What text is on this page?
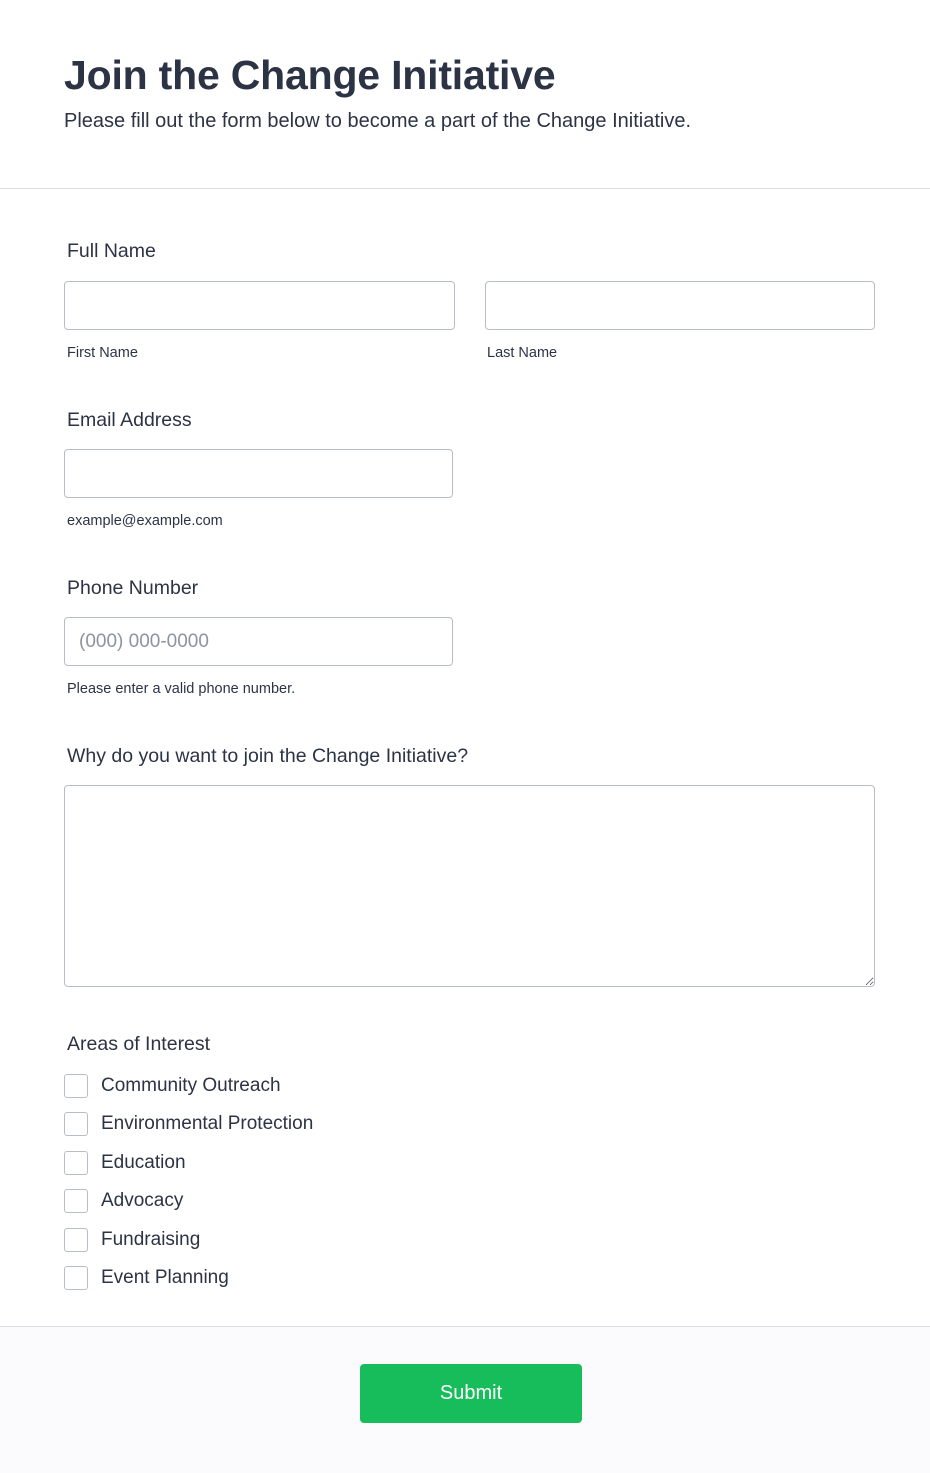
Join the Change Initiative

Please fill out the form below to become a part of the Change Initiative.

Full Name
First Name	Last Name
Email Address
example@example.com
Phone Number
(000) 000-0000
Please enter a valid phone number.
Why do you want to join the Change Initiative?
Areas of Interest
Community Outreach
Environmental Protection
Education
Advocacy
Fundraising
Event Planning
Submit
